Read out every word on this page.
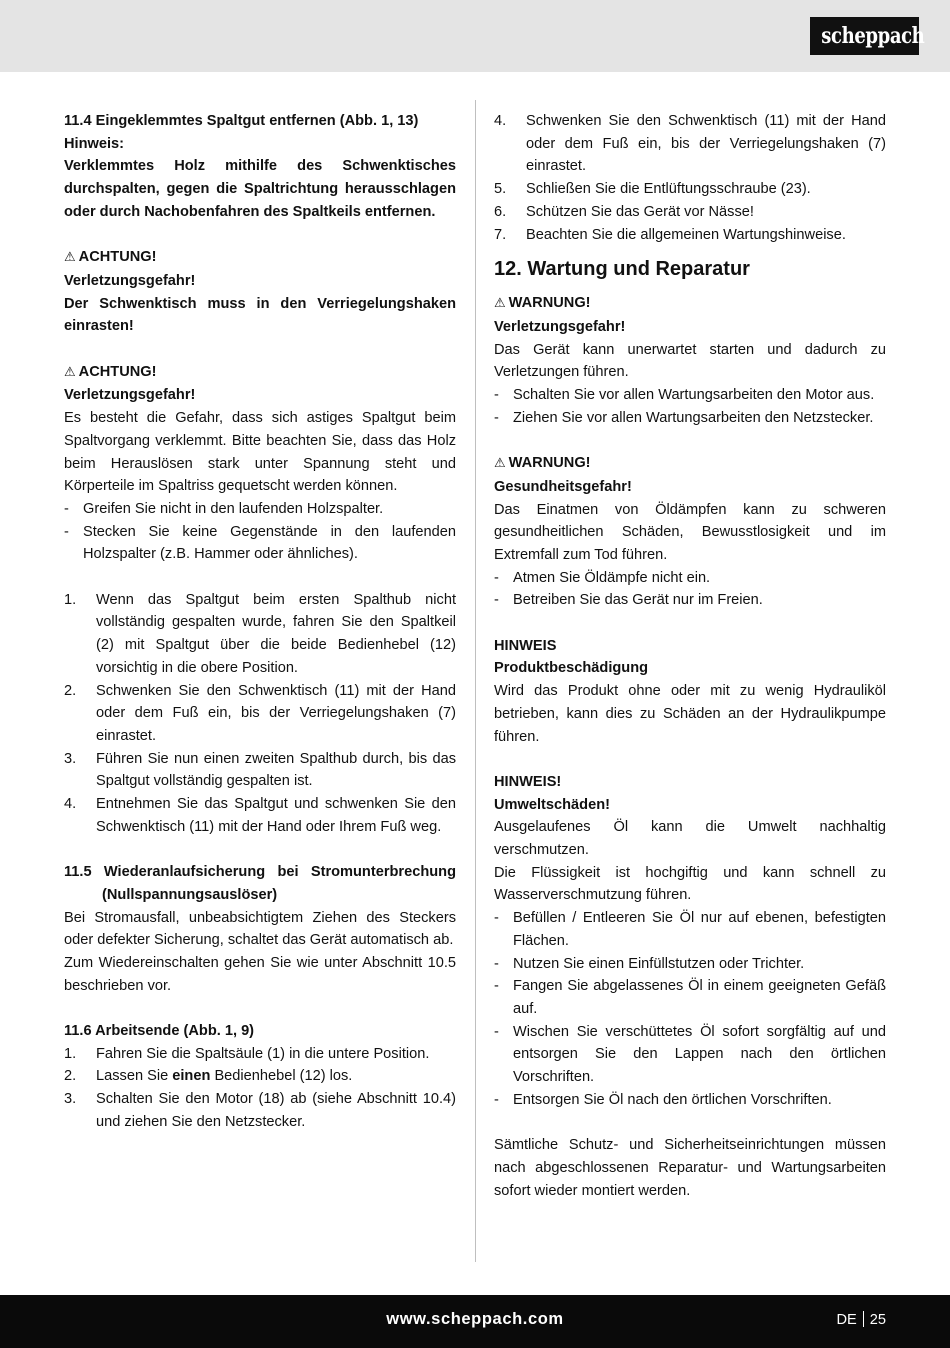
scheppach

11.4 Eingeklemmtes Spaltgut entfernen (Abb. 1, 13)

Hinweis:

Verklemmtes Holz mithilfe des Schwenktisches durchspalten, gegen die Spaltrichtung herausschlagen oder durch Nachobenfahren des Spaltkeils entfernen.

⚠ ACHTUNG!

Verletzungsgefahr!

Der Schwenktisch muss in den Verriegelungshaken einrasten!

⚠ ACHTUNG!

Verletzungsgefahr!

Es besteht die Gefahr, dass sich astiges Spaltgut beim Spaltvorgang verklemmt. Bitte beachten Sie, dass das Holz beim Herauslösen stark unter Spannung steht und Körperteile im Spaltriss gequetscht werden können.

- Greifen Sie nicht in den laufenden Holzspalter.
- Stecken Sie keine Gegenstände in den laufenden Holzspalter (z.B. Hammer oder ähnliches).
1. Wenn das Spaltgut beim ersten Spalthub nicht vollständig gespalten wurde, fahren Sie den Spaltkeil (2) mit Spaltgut über die beide Bedienhebel (12) vorsichtig in die obere Position.
2. Schwenken Sie den Schwenktisch (11) mit der Hand oder dem Fuß ein, bis der Verriegelungshaken (7) einrastet.
3. Führen Sie nun einen zweiten Spalthub durch, bis das Spaltgut vollständig gespalten ist.
4. Entnehmen Sie das Spaltgut und schwenken Sie den Schwenktisch (11) mit der Hand oder Ihrem Fuß weg.

11.5 Wiederanlaufsicherung bei Stromunterbrechung (Nullspannungsauslöser)

Bei Stromausfall, unbeabsichtigtem Ziehen des Steckers oder defekter Sicherung, schaltet das Gerät automatisch ab.

Zum Wiedereinschalten gehen Sie wie unter Abschnitt 10.5 beschrieben vor.

11.6 Arbeitsende (Abb. 1, 9)

1. Fahren Sie die Spaltsäule (1) in die untere Position.
2. Lassen Sie einen Bedienhebel (12) los.
3. Schalten Sie den Motor (18) ab (siehe Abschnitt 10.4) und ziehen Sie den Netzstecker.
4. Schwenken Sie den Schwenktisch (11) mit der Hand oder dem Fuß ein, bis der Verriegelungshaken (7) einrastet.
5. Schließen Sie die Entlüftungsschraube (23).
6. Schützen Sie das Gerät vor Nässe!
7. Beachten Sie die allgemeinen Wartungshinweise.
12. Wartung und Reparatur

⚠ WARNUNG!

Verletzungsgefahr!

Das Gerät kann unerwartet starten und dadurch zu Verletzungen führen.

- Schalten Sie vor allen Wartungsarbeiten den Motor aus.
- Ziehen Sie vor allen Wartungsarbeiten den Netzstecker.

⚠ WARNUNG!

Gesundheitsgefahr!

Das Einatmen von Öldämpfen kann zu schweren gesundheitlichen Schäden, Bewusstlosigkeit und im Extremfall zum Tod führen.

- Atmen Sie Öldämpfe nicht ein.
- Betreiben Sie das Gerät nur im Freien.

HINWEIS

Produktbeschädigung

Wird das Produkt ohne oder mit zu wenig Hydrauliköl betrieben, kann dies zu Schäden an der Hydraulikpumpe führen.

HINWEIS!

Umweltschäden!

Ausgelaufenes Öl kann die Umwelt nachhaltig verschmutzen.

Die Flüssigkeit ist hochgiftig und kann schnell zu Wasserverschmutzung führen.

- Befüllen / Entleeren Sie Öl nur auf ebenen, befestigten Flächen.
- Nutzen Sie einen Einfüllstutzen oder Trichter.
- Fangen Sie abgelassenes Öl in einem geeigneten Gefäß auf.
- Wischen Sie verschüttetes Öl sofort sorgfältig auf und entsorgen Sie den Lappen nach den örtlichen Vorschriften.
- Entsorgen Sie Öl nach den örtlichen Vorschriften.

Sämtliche Schutz- und Sicherheitseinrichtungen müssen nach abgeschlossenen Reparatur- und Wartungsarbeiten sofort wieder montiert werden.

www.scheppach.com	DE 25
